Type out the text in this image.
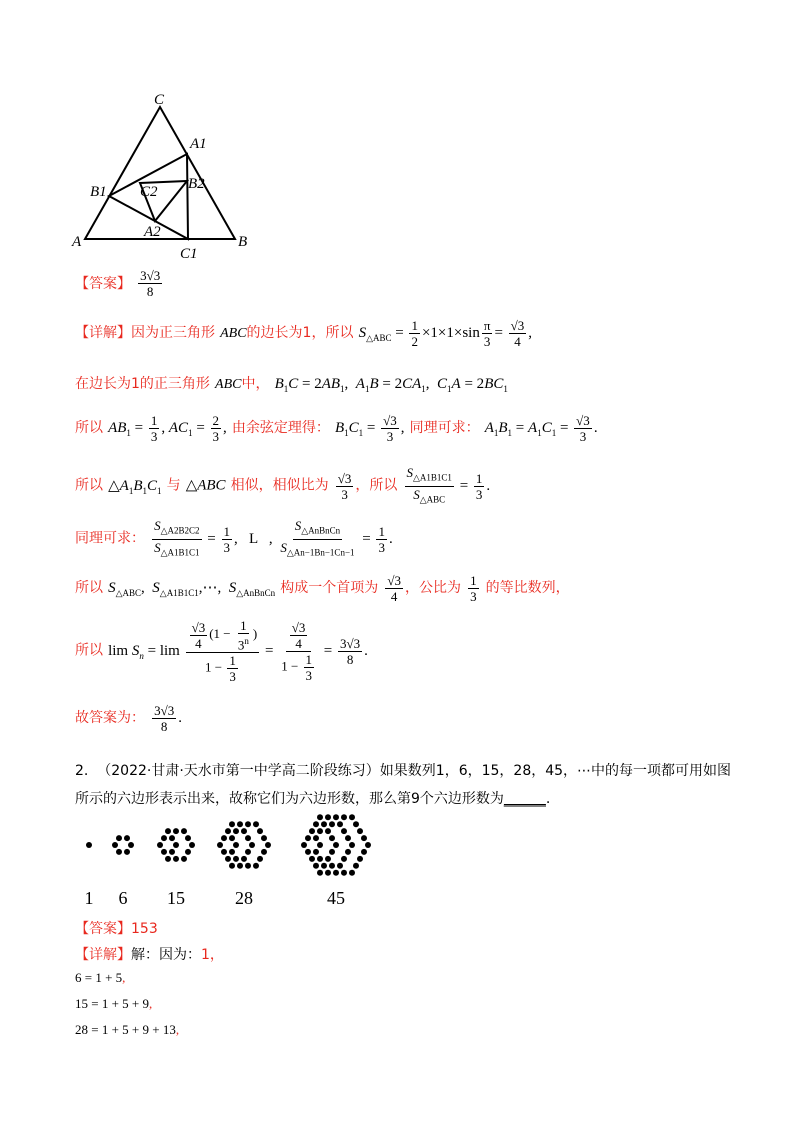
C
A1
B1 C2 B2
A2
A
C1
B
【答案】 $\frac{3√3}{8}$
【详解】因为正三角形 ABC的边长为1，所以 $S_{\triangle ABC} = \frac{1}{2} \times 1\times 1\times\sin \frac{\pi}{3} = \frac{√3}{4}$ ,
在边长为1的正三角形 ABC中， $B_1C = 2AB_1$,  $A_1B = 2CA_1$,  $C_1A = 2BC_1$
所以 $AB_1 = \frac{1}{3}$ , $AC_1 = \frac{2}{3}$ , 由余弦定理得： $B_1C_1 = \frac{√3}{3}$ , 同理可求： $A_1B_1 = A_1C_1 = \frac{√3}{3}$ .
所以 $\triangle A_1B_1C_1$ 与 △ABC 相似，相似比为 $\frac{√3}{3}$ ，所以 $\frac{S_{\triangle A1B1C1}}{S_{\triangle ABC}} = \frac{1}{3}$ .
同理可求： $\frac{S_{\triangle A2B2C2}}{S_{\triangle A1B1C1}} = \frac{1}{3}$ ,   L   , $\frac{S_{\triangle AnBnCn}}{S_{\triangle An-1Bn-1Cn-1}} = \frac{1}{3}$ .
所以 $S_{\triangle ABC}$,  $S_{\triangle A1B1C1},\cdots$,  $S_{\triangle AnBnCn}$ 构成一个首项为 $\frac{√3}{4}$ ，公比为 $\frac{1}{3}$ 的等比数列，
所以 $\lim S_n = \lim \frac{\frac{√3}{4} (1 - \frac{1}{3^n} )}{1 - \frac{1}{3}} = \frac{\frac{√3}{4}}{1 - \frac{1}{3}} = \frac{3√3}{8}$ .
故答案为： $\frac{3√3}{8}$ .
2. （2022·甘肃·天水市第一中学高二阶段练习）如果数列1，6，15，28，45，⋯中的每一项都可用如图
所示的六边形表示出来，故称它们为六边形数，那么第9个六边形数为______.
1 6 15	28	45
【答案】153
【详解】解：因为：1，
6 = 1 + 5,
15 = 1 + 5 + 9,
28 = 1 + 5 + 9 + 13,
